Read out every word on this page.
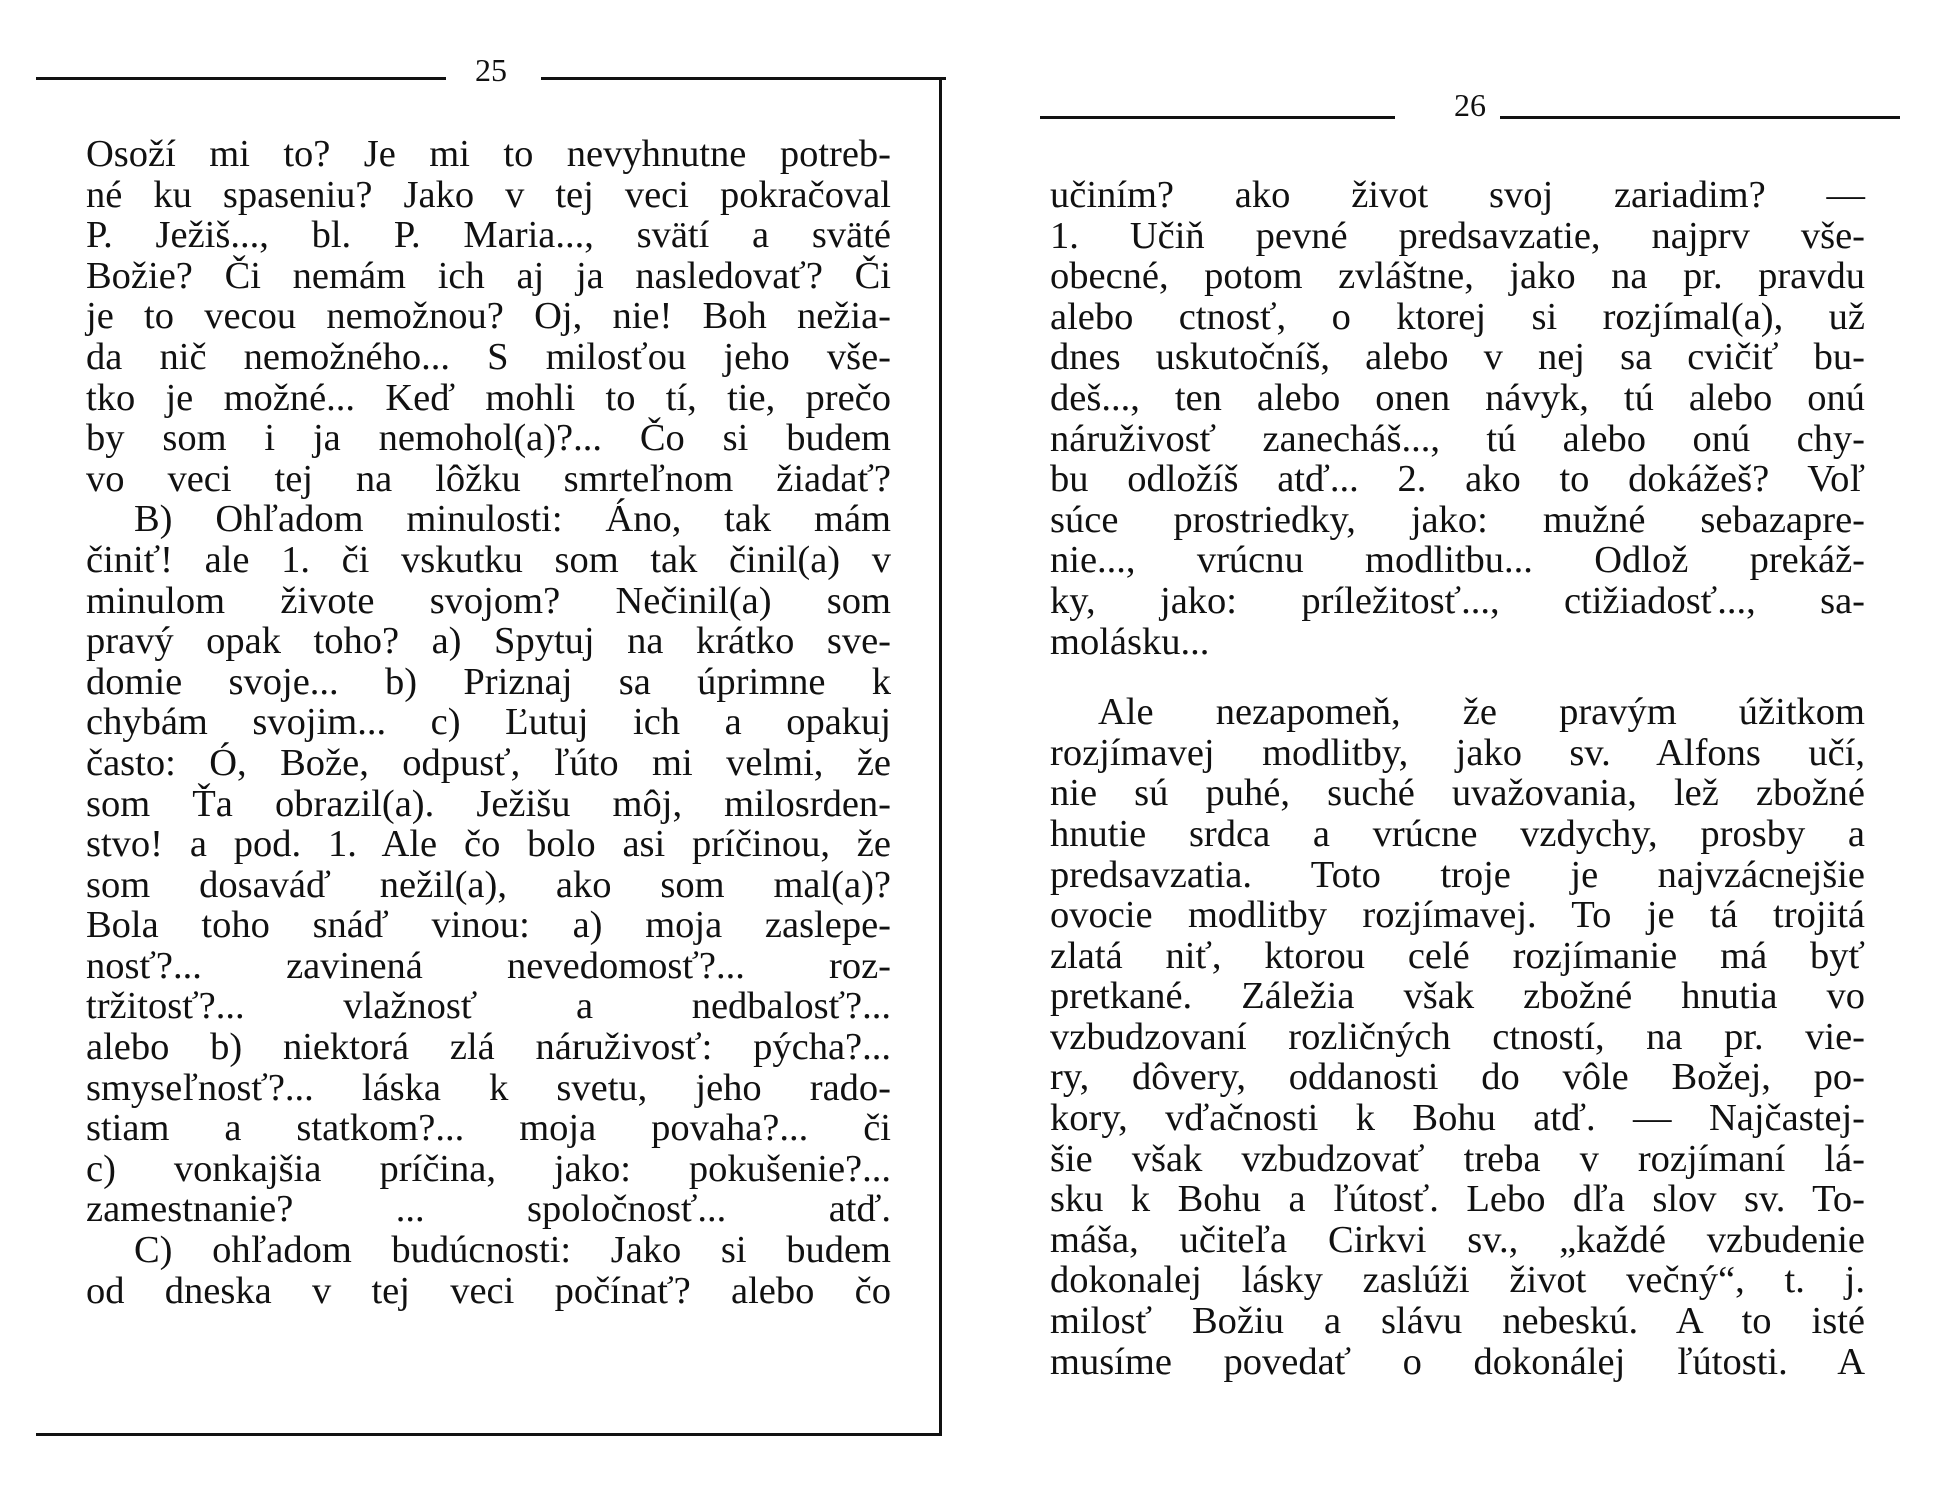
25
Osoží mi to? Je mi to nevyhnutne potreb-
né ku spaseniu? Jako v tej veci pokračoval
P. Ježiš..., bl. P. Maria..., svätí a sväté
Božie? Či nemám ich aj ja nasledovať? Či
je to vecou nemožnou? Oj, nie! Boh nežia-
da nič nemožného... S milosťou jeho vše-
tko je možné... Keď mohli to tí, tie, prečo
by som i ja nemohol(a)?... Čo si budem
vo veci tej na lôžku smrteľnom žiadať?
B) Ohľadom minulosti: Áno, tak mám
činiť! ale 1. či vskutku som tak činil(a) v
minulom živote svojom? Nečinil(a) som
pravý opak toho? a) Spytuj na krátko sve-
domie svoje... b) Priznaj sa úprimne k
chybám svojim... c) Ľutuj ich a opakuj
často: Ó, Bože, odpusť, ľúto mi velmi, že
som Ťa obrazil(a). Ježišu môj, milosrden-
stvo! a pod. 1. Ale čo bolo asi príčinou, že
som dosaváď nežil(a), ako som mal(a)?
Bola toho snáď vinou: a) moja zaslepe-
nosť?... zavinená nevedomosť?... roz-
tržitosť?... vlažnosť a nedbalosť?...
alebo b) niektorá zlá náruživosť: pýcha?...
smyseľnosť?... láska k svetu, jeho rado-
stiam a statkom?... moja povaha?... či
c) vonkajšia príčina, jako: pokušenie?...
zamestnanie? ... spoločnosť... atď.
C) ohľadom budúcnosti: Jako si budem
od dneska v tej veci počínať? alebo čo
26
učiním? ako život svoj zariadim? —
1. Učiň pevné predsavzatie, najprv vše-
obecné, potom zvláštne, jako na pr. pravdu
alebo ctnosť, o ktorej si rozjímal(a), už
dnes uskutočníš, alebo v nej sa cvičiť bu-
deš..., ten alebo onen návyk, tú alebo onú
náruživosť zanecháš..., tú alebo onú chy-
bu odložíš atď... 2. ako to dokážeš? Voľ
súce prostriedky, jako: mužné sebazapre-
nie..., vrúcnu modlitbu... Odlož prekáž-
ky, jako: príležitosť..., ctižiadosť..., sa-
molásku...
Ale nezapomeň, že pravým úžitkom
rozjímavej modlitby, jako sv. Alfons učí,
nie sú puhé, suché uvažovania, lež zbožné
hnutie srdca a vrúcne vzdychy, prosby a
predsavzatia. Toto troje je najvzácnejšie
ovocie modlitby rozjímavej. To je tá trojitá
zlatá niť, ktorou celé rozjímanie má byť
pretkané. Záležia však zbožné hnutia vo
vzbudzovaní rozličných ctností, na pr. vie-
ry, dôvery, oddanosti do vôle Božej, po-
kory, vďačnosti k Bohu atď. — Najčastej-
šie však vzbudzovať treba v rozjímaní lá-
sku k Bohu a ľútosť. Lebo dľa slov sv. To-
máša, učiteľa Cirkvi sv., „každé vzbudenie
dokonalej lásky zaslúži život večný“, t. j.
milosť Božiu a slávu nebeskú. A to isté
musíme povedať o dokonálej ľútosti. A
